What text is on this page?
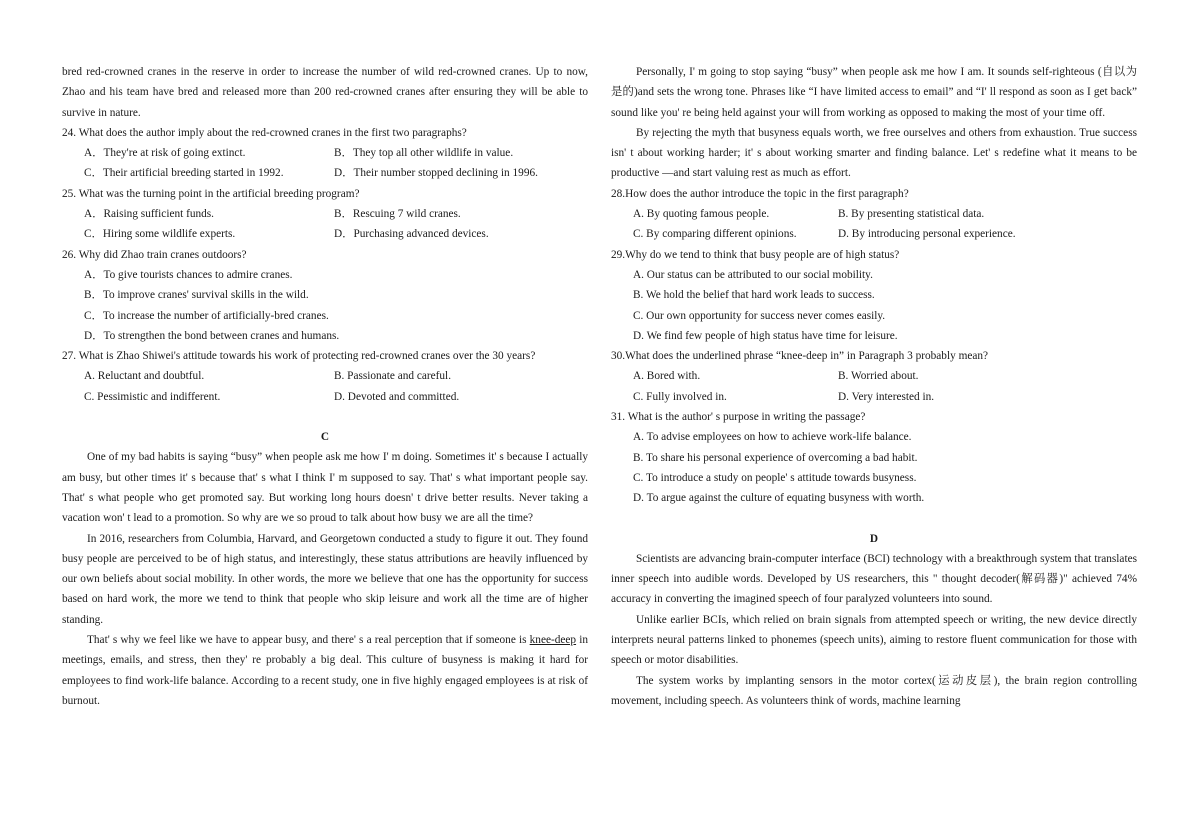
bred red-crowned cranes in the reserve in order to increase the number of wild red-crowned cranes. Up to now, Zhao and his team have bred and released more than 200 red-crowned cranes after ensuring they will be able to survive in nature.

24. What does the author imply about the red-crowned cranes in the first two paragraphs?
A．They're at risk of going extinct.	B．They top all other wildlife in value.
C．Their artificial breeding started in 1992.	D．Their number stopped declining in 1996.
25. What was the turning point in the artificial breeding program?
A．Raising sufficient funds.	B．Rescuing 7 wild cranes.
C．Hiring some wildlife experts.	D．Purchasing advanced devices.
26. Why did Zhao train cranes outdoors?
A．To give tourists chances to admire cranes.
B．To improve cranes' survival skills in the wild.
C．To increase the number of artificially-bred cranes.
D．To strengthen the bond between cranes and humans.
27. What is Zhao Shiwei's attitude towards his work of protecting red-crowned cranes over the 30 years?
A. Reluctant and doubtful.	B. Passionate and careful.
C. Pessimistic and indifferent.	D. Devoted and committed.
C

One of my bad habits is saying “busy” when people ask me how I' m doing. Sometimes it' s because I actually am busy, but other times it' s because that' s what I think I' m supposed to say. That' s what important people say. That' s what people who get promoted say. But working long hours doesn' t drive better results. Never taking a vacation won' t lead to a promotion. So why are we so proud to talk about how busy we are all the time?

In 2016, researchers from Columbia, Harvard, and Georgetown conducted a study to figure it out. They found busy people are perceived to be of high status, and interestingly, these status attributions are heavily influenced by our own beliefs about social mobility. In other words, the more we believe that one has the opportunity for success based on hard work, the more we tend to think that people who skip leisure and work all the time are of higher standing.

That' s why we feel like we have to appear busy, and there' s a real perception that if someone is knee-deep in meetings, emails, and stress, then they' re probably a big deal. This culture of busyness is making it hard for employees to find work-life balance. According to a recent study, one in five highly engaged employees is at risk of burnout.

Personally, I' m going to stop saying “busy” when people ask me how I am. It sounds self-righteous (自以为是的)and sets the wrong tone. Phrases like “I have limited access to email” and “I' ll respond as soon as I get back” sound like you' re being held against your will from working as opposed to making the most of your time off.

By rejecting the myth that busyness equals worth, we free ourselves and others from exhaustion. True success isn' t about working harder; it' s about working smarter and finding balance. Let' s redefine what it means to be productive —and start valuing rest as much as effort.

28.How does the author introduce the topic in the first paragraph?
A. By quoting famous people.	B. By presenting statistical data.
C. By comparing different opinions.	D. By introducing personal experience.
29.Why do we tend to think that busy people are of high status?
A. Our status can be attributed to our social mobility.
B. We hold the belief that hard work leads to success.
C. Our own opportunity for success never comes easily.
D. We find few people of high status have time for leisure.
30.What does the underlined phrase “knee-deep in” in Paragraph 3 probably mean?
A. Bored with.	B. Worried about.
C. Fully involved in.	D. Very interested in.
31. What is the author' s purpose in writing the passage?
A. To advise employees on how to achieve work-life balance.
B. To share his personal experience of overcoming a bad habit.
C. To introduce a study on people' s attitude towards busyness.
D. To argue against the culture of equating busyness with worth.
D

Scientists are advancing brain-computer interface (BCI) technology with a breakthrough system that translates inner speech into audible words. Developed by US researchers, this " thought decoder(解码器)" achieved 74% accuracy in converting the imagined speech of four paralyzed volunteers into sound.

Unlike earlier BCIs, which relied on brain signals from attempted speech or writing, the new device directly interprets neural patterns linked to phonemes (speech units), aiming to restore fluent communication for those with speech or motor disabilities.

The system works by implanting sensors in the motor cortex(运动皮层), the brain region controlling movement, including speech. As volunteers think of words, machine learning
